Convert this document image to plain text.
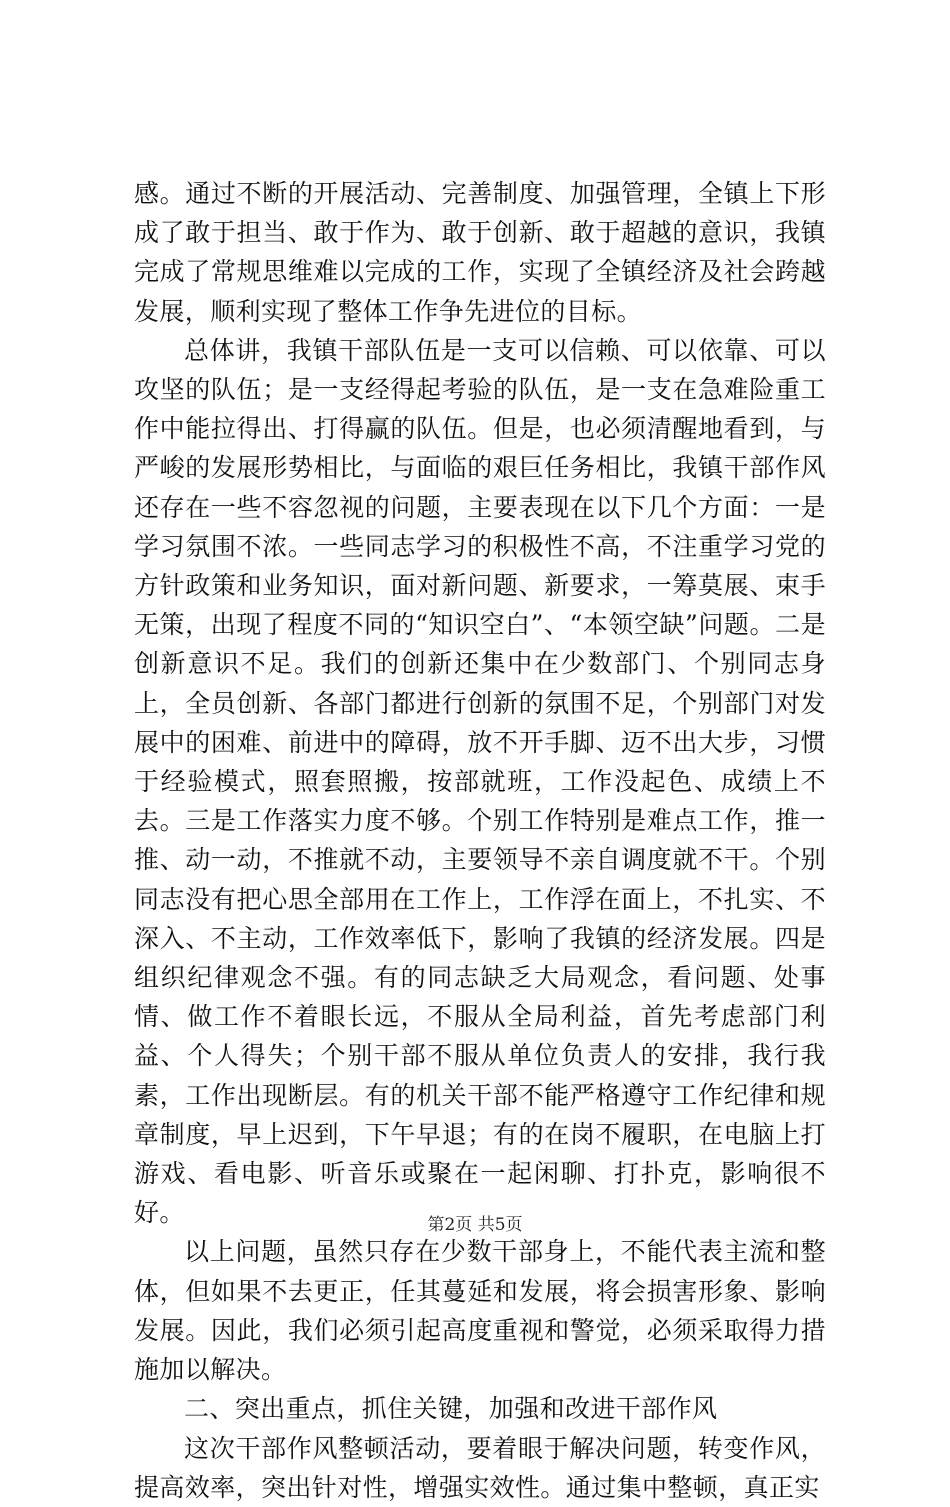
感。通过不断的开展活动、完善制度、加强管理，全镇上下形成了敢于担当、敢于作为、敢于创新、敢于超越的意识，我镇完成了常规思维难以完成的工作，实现了全镇经济及社会跨越发展，顺利实现了整体工作争先进位的目标。

总体讲，我镇干部队伍是一支可以信赖、可以依靠、可以攻坚的队伍；是一支经得起考验的队伍，是一支在急难险重工作中能拉得出、打得赢的队伍。但是，也必须清醒地看到，与严峻的发展形势相比，与面临的艰巨任务相比，我镇干部作风还存在一些不容忽视的问题，主要表现在以下几个方面：一是学习氛围不浓。一些同志学习的积极性不高，不注重学习党的方针政策和业务知识，面对新问题、新要求，一筹莫展、束手无策，出现了程度不同的“知识空白”、“本领空缺”问题。二是创新意识不足。我们的创新还集中在少数部门、个别同志身上，全员创新、各部门都进行创新的氛围不足，个别部门对发展中的困难、前进中的障碍，放不开手脚、迈不出大步，习惯于经验模式，照套照搬，按部就班，工作没起色、成绩上不去。三是工作落实力度不够。个别工作特别是难点工作，推一推、动一动，不推就不动，主要领导不亲自调度就不干。个别同志没有把心思全部用在工作上，工作浮在面上，不扎实、不深入、不主动，工作效率低下，影响了我镇的经济发展。四是组织纪律观念不强。有的同志缺乏大局观念，看问题、处事情、做工作不着眼长远，不服从全局利益，首先考虑部门利益、个人得失；个别干部不服从单位负责人的安排，我行我素，工作出现断层。有的机关干部不能严格遵守工作纪律和规章制度，早上迟到，下午早退；有的在岗不履职，在电脑上打游戏、看电影、听音乐或聚在一起闲聊、打扑克，影响很不好。

以上问题，虽然只存在少数干部身上，不能代表主流和整体，但如果不去更正，任其蔓延和发展，将会损害形象、影响发展。因此，我们必须引起高度重视和警觉，必须采取得力措施加以解决。

二、突出重点，抓住关键，加强和改进干部作风

这次干部作风整顿活动，要着眼于解决问题，转变作风，提高效率，突出针对性，增强实效性。通过集中整顿，真正实

第2页 共5页
